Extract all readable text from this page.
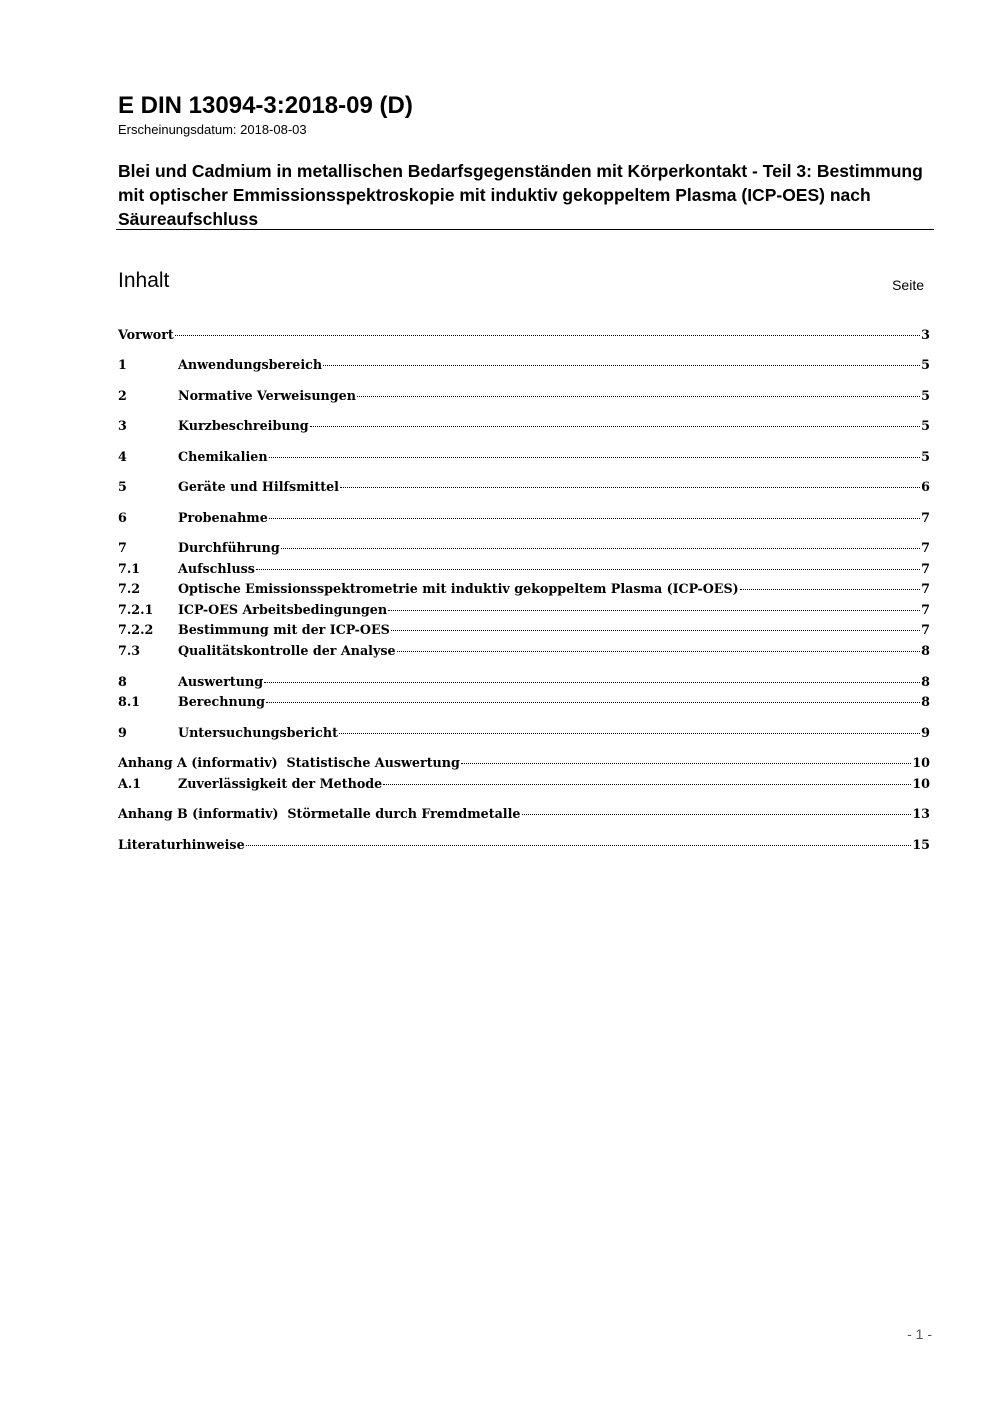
E DIN 13094-3:2018-09 (D)
Erscheinungsdatum: 2018-08-03
Blei und Cadmium in metallischen Bedarfsgegenständen mit Körperkontakt - Teil 3: Bestimmung mit optischer Emmissionsspektroskopie mit induktiv gekoppeltem Plasma (ICP-OES) nach Säureaufschluss
Inhalt	Seite
Vorwort	3
1	Anwendungsbereich	5
2	Normative Verweisungen	5
3	Kurzbeschreibung	5
4	Chemikalien	5
5	Geräte und Hilfsmittel	6
6	Probenahme	7
7	Durchführung	7
7.1	Aufschluss	7
7.2	Optische Emissionsspektrometrie mit induktiv gekoppeltem Plasma (ICP-OES)	7
7.2.1	ICP-OES Arbeitsbedingungen	7
7.2.2	Bestimmung mit der ICP-OES	7
7.3	Qualitätskontrolle der Analyse	8
8	Auswertung	8
8.1	Berechnung	8
9	Untersuchungsbericht	9
Anhang A (informativ)  Statistische Auswertung	10
A.1	Zuverlässigkeit der Methode	10
Anhang B (informativ)  Störmetalle durch Fremdmetalle	13
Literaturhinweise	15
- 1 -
